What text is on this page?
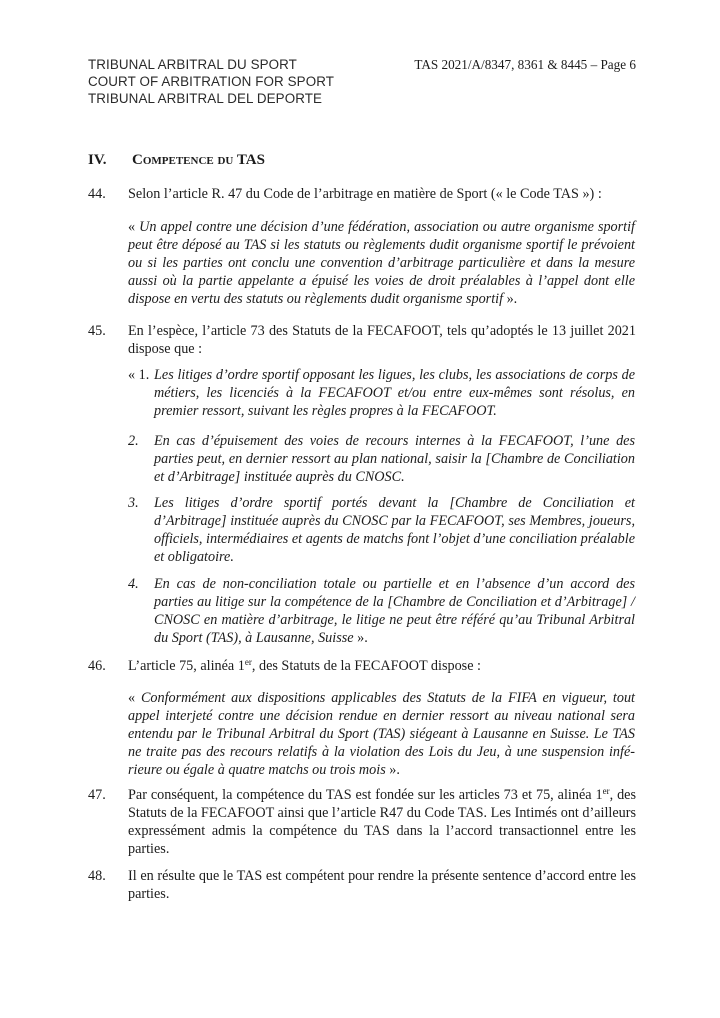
TRIBUNAL ARBITRAL DU SPORT
COURT OF ARBITRATION FOR SPORT
TRIBUNAL ARBITRAL DEL DEPORTE
TAS 2021/A/8347, 8361 & 8445 – Page 6
IV. Competence du TAS
44. Selon l’article R. 47 du Code de l’arbitrage en matière de Sport (« le Code TAS ») :
« Un appel contre une décision d’une fédération, association ou autre organisme sportif peut être déposé au TAS si les statuts ou règlements dudit organisme sportif le prévoient ou si les parties ont conclu une convention d’arbitrage particulière et dans la mesure aussi où la partie appelante a épuisé les voies de droit préalables à l’appel dont elle dispose en vertu des statuts ou règlements dudit organisme sportif ».
45. En l’espèce, l’article 73 des Statuts de la FECAFOOT, tels qu’adoptés le 13 juillet 2021 dispose que :
« 1. Les litiges d’ordre sportif opposant les ligues, les clubs, les associations de corps de métiers, les licenciés à la FECAFOOT et/ou entre eux-mêmes sont résolus, en premier ressort, suivant les règles propres à la FECAFOOT.
2. En cas d’épuisement des voies de recours internes à la FECAFOOT, l’une des parties peut, en dernier ressort au plan national, saisir la [Chambre de Conciliation et d’Arbitrage] instituée auprès du CNOSC.
3. Les litiges d’ordre sportif portés devant la [Chambre de Conciliation et d’Arbitrage] instituée auprès du CNOSC par la FECAFOOT, ses Membres, joueurs, officiels, intermédiaires et agents de matchs font l’objet d’une conciliation préalable et obligatoire.
4. En cas de non-conciliation totale ou partielle et en l’absence d’un accord des parties au litige sur la compétence de la [Chambre de Conciliation et d’Arbitrage] / CNOSC en matière d’arbitrage, le litige ne peut être référé qu’au Tribunal Arbitral du Sport (TAS), à Lausanne, Suisse ».
46. L’article 75, alinéa 1er, des Statuts de la FECAFOOT dispose :
« Conformément aux dispositions applicables des Statuts de la FIFA en vigueur, tout appel interjeté contre une décision rendue en dernier ressort au niveau national sera entendu par le Tribunal Arbitral du Sport (TAS) siégeant à Lausanne en Suisse. Le TAS ne traite pas des recours relatifs à la violation des Lois du Jeu, à une suspension infé- rieure ou égale à quatre matchs ou trois mois ».
47. Par conséquent, la compétence du TAS est fondée sur les articles 73 et 75, alinéa 1er, des Statuts de la FECAFOOT ainsi que l’article R47 du Code TAS. Les Intimés ont d’ailleurs expressément admis la compétence du TAS dans la l’accord transactionnel entre les parties.
48. Il en résulte que le TAS est compétent pour rendre la présente sentence d’accord entre les parties.
